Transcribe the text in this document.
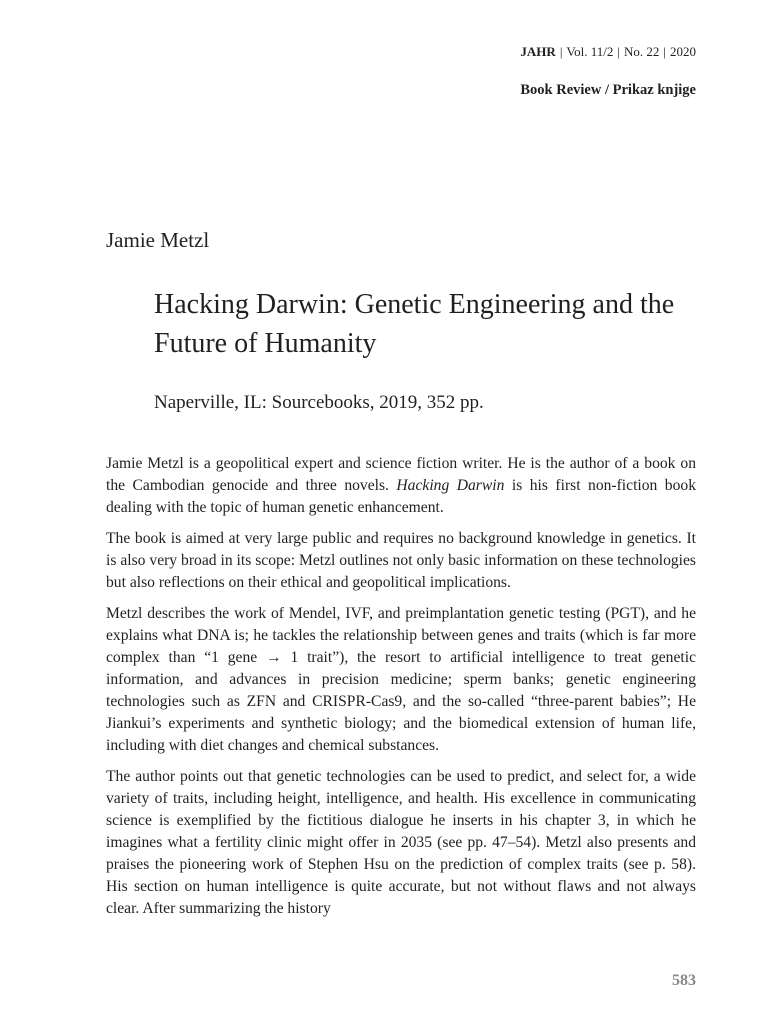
JAHR | Vol. 11/2 | No. 22 | 2020
Book Review / Prikaz knjige
Jamie Metzl
Hacking Darwin: Genetic Engineering and the Future of Humanity
Naperville, IL: Sourcebooks, 2019, 352 pp.

Jamie Metzl is a geopolitical expert and science fiction writer. He is the author of a book on the Cambodian genocide and three novels. Hacking Darwin is his first non-fiction book dealing with the topic of human genetic enhancement.

The book is aimed at very large public and requires no background knowledge in genetics. It is also very broad in its scope: Metzl outlines not only basic information on these technologies but also reflections on their ethical and geopolitical implications.

Metzl describes the work of Mendel, IVF, and preimplantation genetic testing (PGT), and he explains what DNA is; he tackles the relationship between genes and traits (which is far more complex than “1 gene → 1 trait”), the resort to artificial intelligence to treat genetic information, and advances in precision medicine; sperm banks; genetic engineering technologies such as ZFN and CRISPR-Cas9, and the so-called “three-parent babies”; He Jiankui’s experiments and synthetic biology; and the biomedical extension of human life, including with diet changes and chemical substances.

The author points out that genetic technologies can be used to predict, and select for, a wide variety of traits, including height, intelligence, and health. His excellence in communicating science is exemplified by the fictitious dialogue he inserts in his chapter 3, in which he imagines what a fertility clinic might offer in 2035 (see pp. 47–54). Metzl also presents and praises the pioneering work of Stephen Hsu on the prediction of complex traits (see p. 58). His section on human intelligence is quite accurate, but not without flaws and not always clear. After summarizing the history

583
